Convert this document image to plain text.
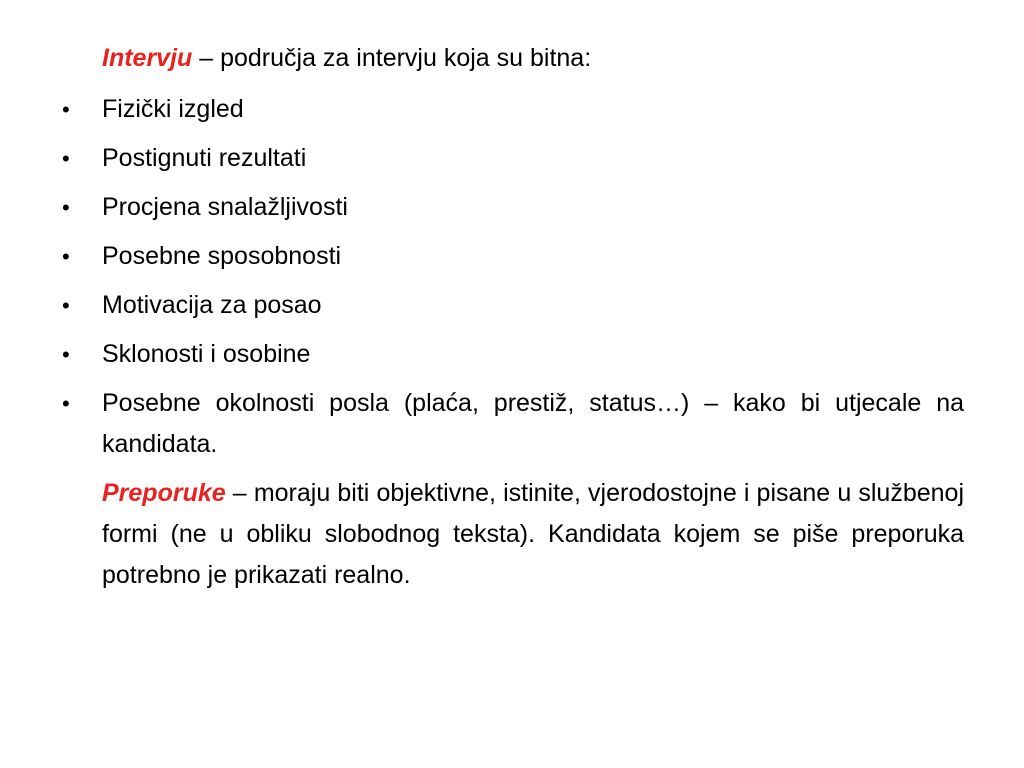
Intervju – područja za intervju koja su bitna:

•	Fizički izgled
•	Postignuti rezultati
•	Procjena snalažljivosti
•	Posebne sposobnosti
•	Motivacija za posao
•	Sklonosti i osobine
•	Posebne okolnosti posla (plaća, prestiž, status…) – kako bi utjecale na kandidata.

Preporuke – moraju biti objektivne, istinite, vjerodostojne i pisane u službenoj formi (ne u obliku slobodnog teksta). Kandidata kojem se piše preporuka potrebno je prikazati realno.
